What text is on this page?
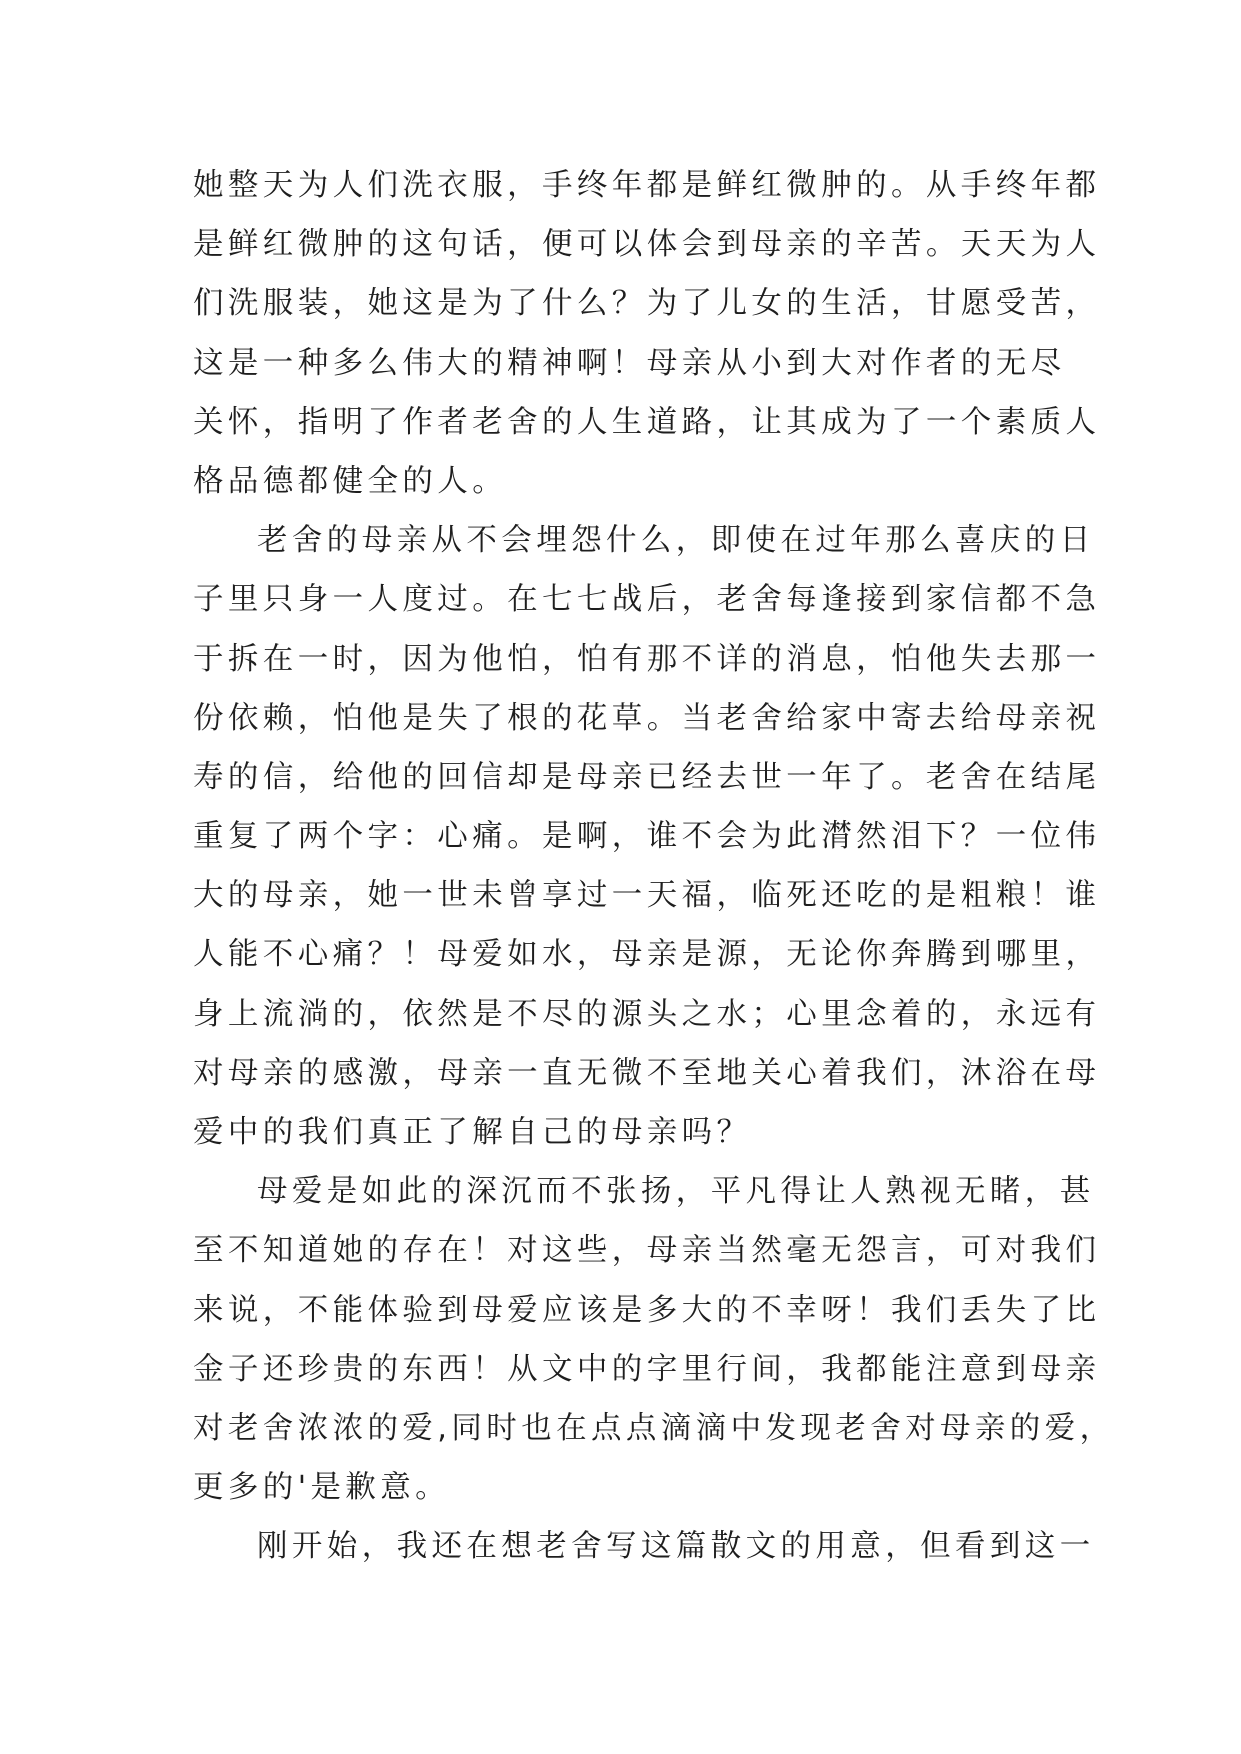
她整天为人们洗衣服，手终年都是鲜红微肿的。从手终年都
是鲜红微肿的这句话，便可以体会到母亲的辛苦。天天为人
们洗服装，她这是为了什么？为了儿女的生活，甘愿受苦，
这是一种多么伟大的精神啊！母亲从小到大对作者的无尽
关怀，指明了作者老舍的人生道路，让其成为了一个素质人
格品德都健全的人。
老舍的母亲从不会埋怨什么，即使在过年那么喜庆的日
子里只身一人度过。在七七战后，老舍每逢接到家信都不急
于拆在一时，因为他怕，怕有那不详的消息，怕他失去那一
份依赖，怕他是失了根的花草。当老舍给家中寄去给母亲祝
寿的信，给他的回信却是母亲已经去世一年了。老舍在结尾
重复了两个字：心痛。是啊，谁不会为此潸然泪下？一位伟
大的母亲，她一世未曾享过一天福，临死还吃的是粗粮！谁
人能不心痛？！母爱如水，母亲是源，无论你奔腾到哪里，
身上流淌的，依然是不尽的源头之水；心里念着的，永远有
对母亲的感激，母亲一直无微不至地关心着我们，沐浴在母
爱中的我们真正了解自己的母亲吗？
母爱是如此的深沉而不张扬，平凡得让人熟视无睹，甚
至不知道她的存在！对这些，母亲当然毫无怨言，可对我们
来说，不能体验到母爱应该是多大的不幸呀！我们丢失了比
金子还珍贵的东西！从文中的字里行间，我都能注意到母亲
对老舍浓浓的爱,同时也在点点滴滴中发现老舍对母亲的爱，
更多的'是歉意。
刚开始，我还在想老舍写这篇散文的用意，但看到这一
